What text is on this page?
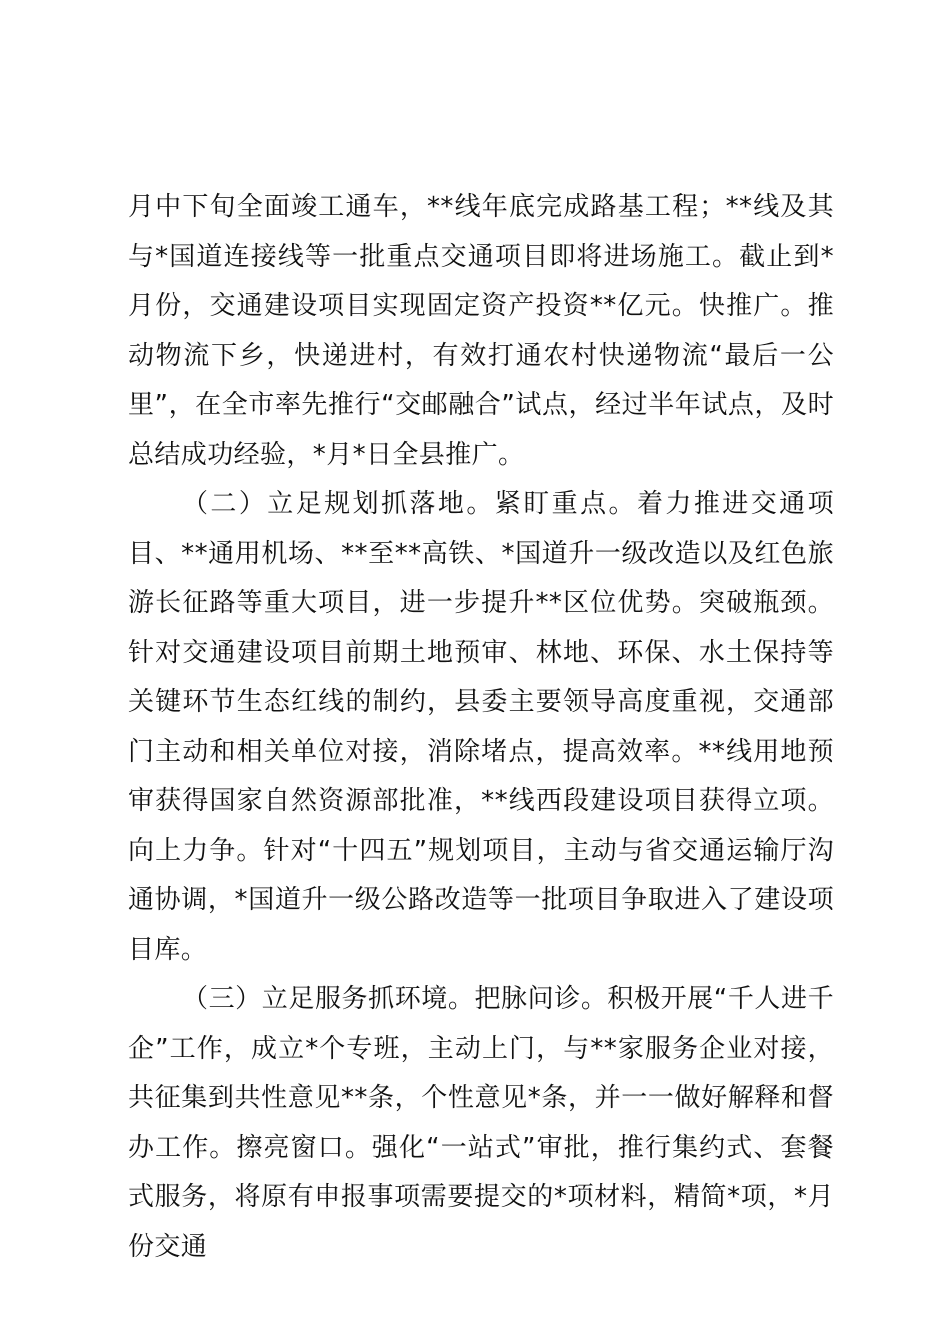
月中下旬全面竣工通车，**线年底完成路基工程；**线及其与*国道连接线等一批重点交通项目即将进场施工。截止到*月份，交通建设项目实现固定资产投资**亿元。快推广。推动物流下乡，快递进村，有效打通农村快递物流“最后一公里”，在全市率先推行“交邮融合”试点，经过半年试点，及时总结成功经验，*月*日全县推广。

（二）立足规划抓落地。紧盯重点。着力推进交通项目、**通用机场、**至**高铁、*国道升一级改造以及红色旅游长征路等重大项目，进一步提升**区位优势。突破瓶颈。针对交通建设项目前期土地预审、林地、环保、水土保持等关键环节生态红线的制约，县委主要领导高度重视，交通部门主动和相关单位对接，消除堵点，提高效率。**线用地预审获得国家自然资源部批准，**线西段建设项目获得立项。向上力争。针对“十四五”规划项目，主动与省交通运输厅沟通协调，*国道升一级公路改造等一批项目争取进入了建设项目库。

（三）立足服务抓环境。把脉问诊。积极开展“千人进千企”工作，成立*个专班，主动上门，与**家服务企业对接，共征集到共性意见**条，个性意见*条，并一一做好解释和督办工作。擦亮窗口。强化“一站式”审批，推行集约式、套餐式服务，将原有申报事项需要提交的*项材料，精简*项，*月份交通
